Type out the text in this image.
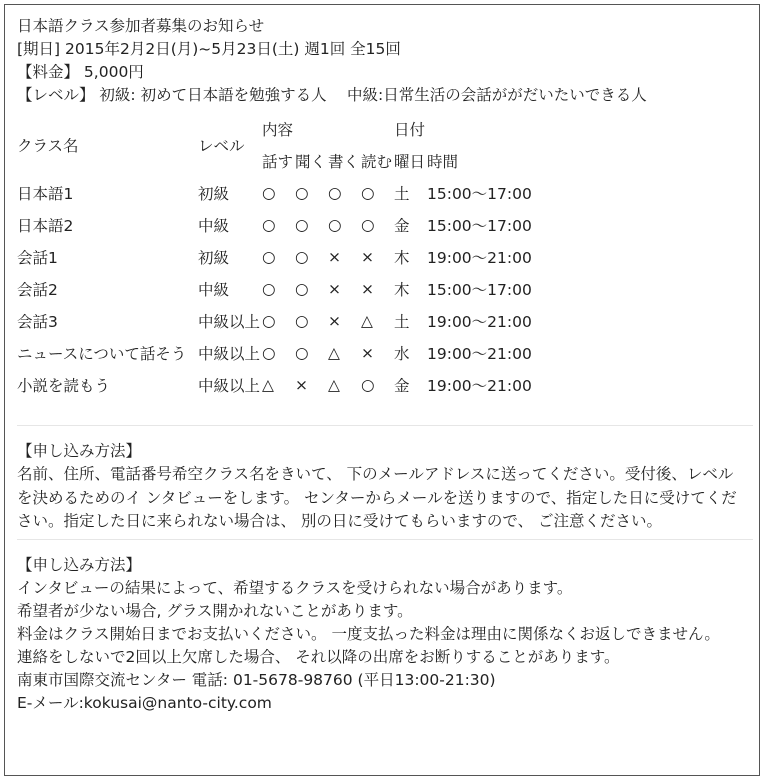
日本語クラス参加者募集のお知らせ
[期日] 2015年2月2日(月)~5月23日(土) 週1回 全15回
【料金】 5,000円
【レベル】 初級: 初めて日本語を勉強する人　 中級:日常生活の会話ががだいたいできる人
クラス名	レベル	内容				日付	
		話す	聞く	書く	読む	曜日	時間
日本語1	初級	○	○	○	○	土	15:00～17:00
日本語2	中級	○	○	○	○	金	15:00～17:00
会話1	初級	○	○	×	×	木	19:00～21:00
会話2	中級	○	○	×	×	木	15:00～17:00
会話3	中級以上	○	○	×	△	土	19:00～21:00
ニュースについて話そう	中級以上	○	○	△	×	水	19:00～21:00
小説を読もう	中級以上	△	×	△	○	金	19:00～21:00
【申し込み方法】
名前、住所、電話番号希空クラス名をきいて、 下のメールアドレスに送ってください。受付後、レベルを決めるためのイ ンタビューをします。 センターからメールを送りますので、指定した日に受けてください。指定した日に来られない場合は、 別の日に受けてもらいますので、 ご注意ください。
【申し込み方法】
インタビューの結果によって、希望するクラスを受けられない場合があります。
希望者が少ない場合, グラス開かれないことがあります。
料金はクラス開始日までお支払いください。 一度支払った料金は理由に関係なくお返しできません。
連絡をしないで2回以上欠席した場合、 それ以降の出席をお断りすることがあります。
南東市国際交流センター 電話: 01-5678-98760 (平日13:00-21:30)
E-メール:kokusai@nanto-city.com
